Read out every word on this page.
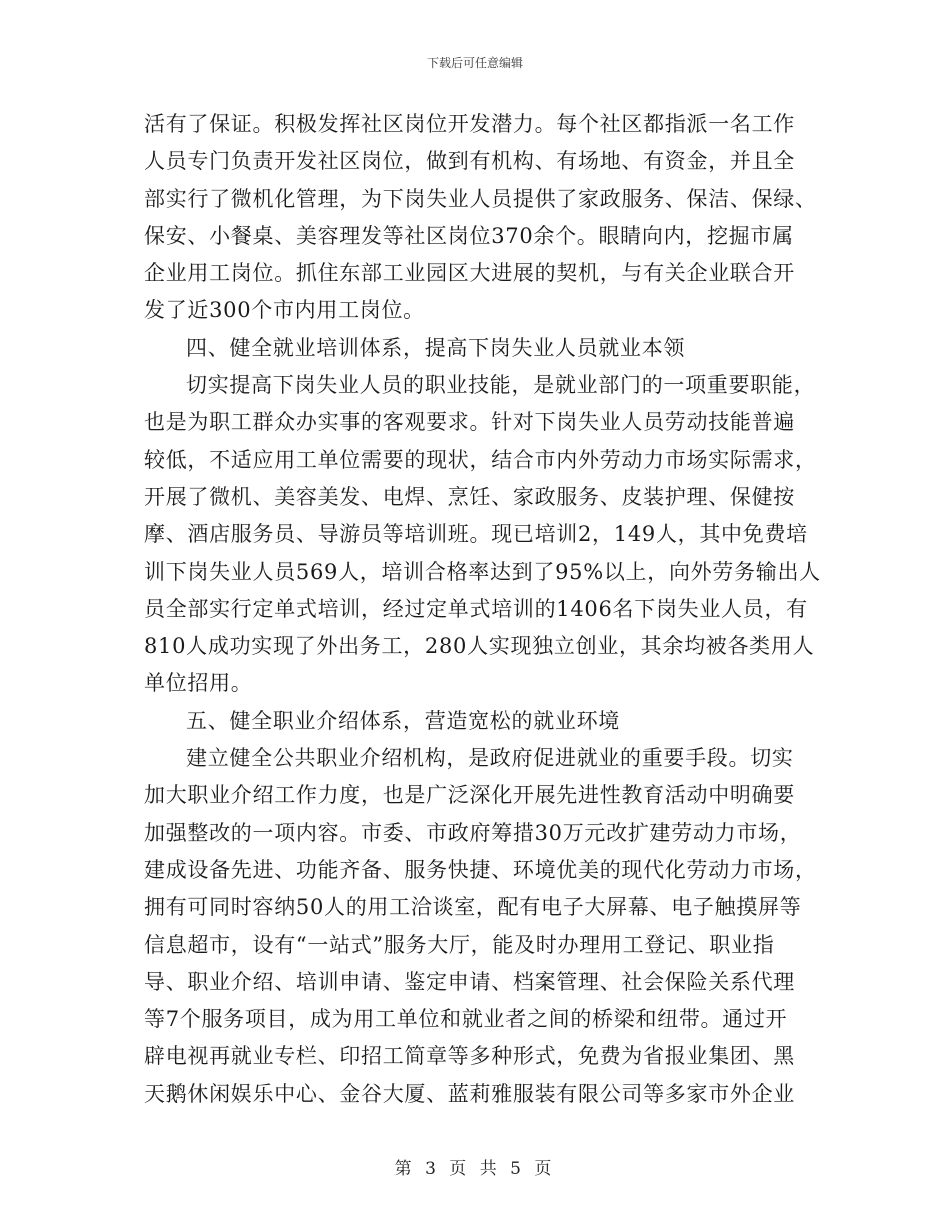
下载后可任意编辑
活有了保证。积极发挥社区岗位开发潜力。每个社区都指派一名工作
人员专门负责开发社区岗位，做到有机构、有场地、有资金，并且全
部实行了微机化管理，为下岗失业人员提供了家政服务、保洁、保绿、
保安、小餐桌、美容理发等社区岗位370余个。眼睛向内，挖掘市属
企业用工岗位。抓住东部工业园区大进展的契机，与有关企业联合开
发了近300个市内用工岗位。
四、健全就业培训体系，提高下岗失业人员就业本领
切实提高下岗失业人员的职业技能，是就业部门的一项重要职能，
也是为职工群众办实事的客观要求。针对下岗失业人员劳动技能普遍
较低，不适应用工单位需要的现状，结合市内外劳动力市场实际需求，
开展了微机、美容美发、电焊、烹饪、家政服务、皮装护理、保健按
摩、酒店服务员、导游员等培训班。现已培训2，149人，其中免费培
训下岗失业人员569人，培训合格率达到了95%以上，向外劳务输出人
员全部实行定单式培训，经过定单式培训的1406名下岗失业人员，有
810人成功实现了外出务工，280人实现独立创业，其余均被各类用人
单位招用。
五、健全职业介绍体系，营造宽松的就业环境
建立健全公共职业介绍机构，是政府促进就业的重要手段。切实
加大职业介绍工作力度，也是广泛深化开展先进性教育活动中明确要
加强整改的一项内容。市委、市政府筹措30万元改扩建劳动力市场，
建成设备先进、功能齐备、服务快捷、环境优美的现代化劳动力市场，
拥有可同时容纳50人的用工洽谈室，配有电子大屏幕、电子触摸屏等
信息超市，设有“一站式”服务大厅，能及时办理用工登记、职业指
导、职业介绍、培训申请、鉴定申请、档案管理、社会保险关系代理
等7个服务项目，成为用工单位和就业者之间的桥梁和纽带。通过开
辟电视再就业专栏、印招工简章等多种形式，免费为省报业集团、黑
天鹅休闲娱乐中心、金谷大厦、蓝莉雅服装有限公司等多家市外企业
第 3 页 共 5 页
